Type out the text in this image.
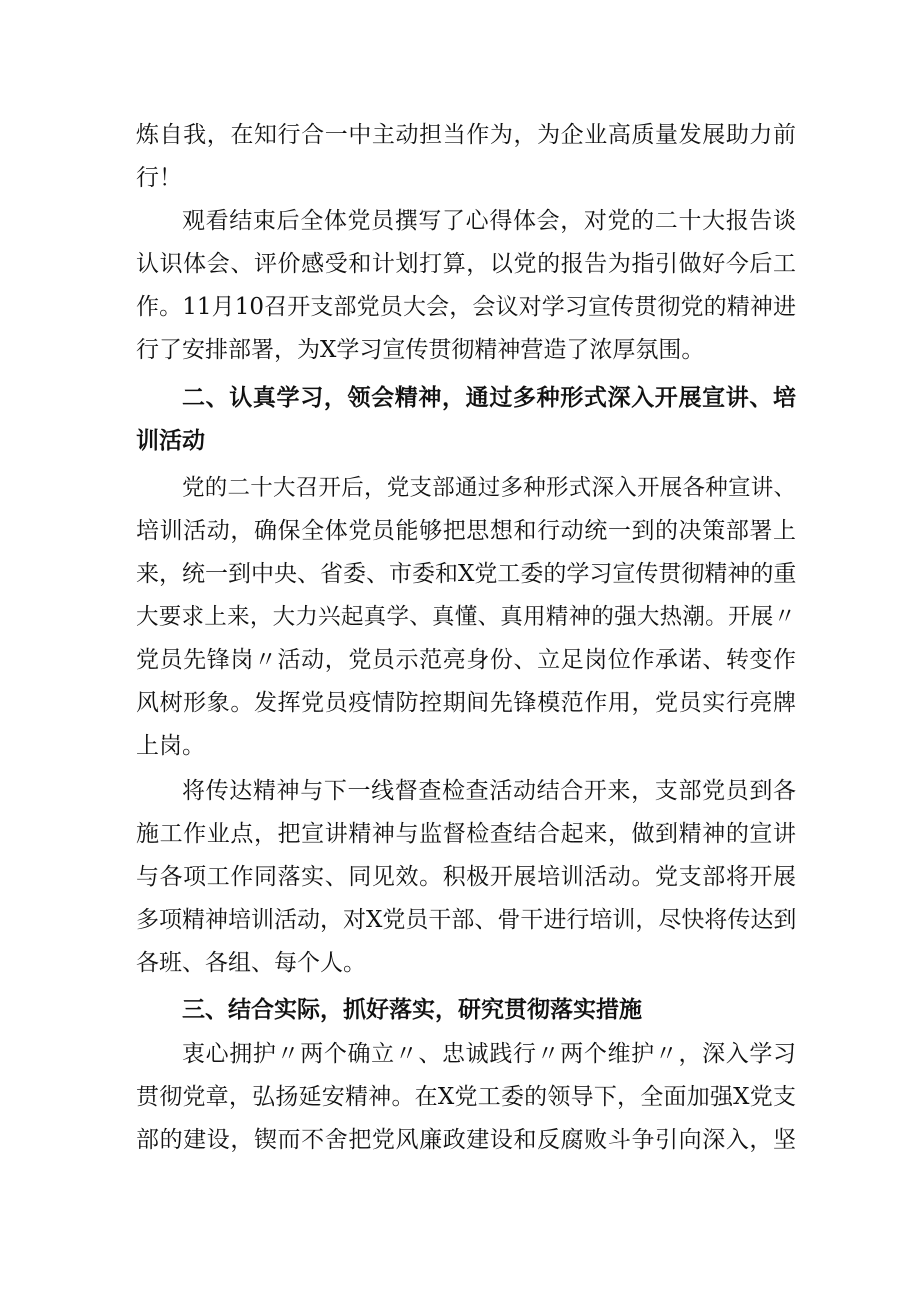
炼自我，在知行合一中主动担当作为，为企业高质量发展助力前
行！
观看结束后全体党员撰写了心得体会，对党的二十大报告谈
认识体会、评价感受和计划打算，以党的报告为指引做好今后工
作。11月10召开支部党员大会，会议对学习宣传贯彻党的精神进
行了安排部署，为X学习宣传贯彻精神营造了浓厚氛围。
二、认真学习，领会精神，通过多种形式深入开展宣讲、培
训活动
党的二十大召开后，党支部通过多种形式深入开展各种宣讲、
培训活动，确保全体党员能够把思想和行动统一到的决策部署上
来，统一到中央、省委、市委和X党工委的学习宣传贯彻精神的重
大要求上来，大力兴起真学、真懂、真用精神的强大热潮。开展〃
党员先锋岗〃活动，党员示范亮身份、立足岗位作承诺、转变作
风树形象。发挥党员疫情防控期间先锋模范作用，党员实行亮牌
上岗。
将传达精神与下一线督查检查活动结合开来，支部党员到各
施工作业点，把宣讲精神与监督检查结合起来，做到精神的宣讲
与各项工作同落实、同见效。积极开展培训活动。党支部将开展
多项精神培训活动，对X党员干部、骨干进行培训，尽快将传达到
各班、各组、每个人。
三、结合实际，抓好落实，研究贯彻落实措施
衷心拥护〃两个确立〃、忠诚践行〃两个维护〃，深入学习
贯彻党章，弘扬延安精神。在X党工委的领导下，全面加强X党支
部的建设，锲而不舍把党风廉政建设和反腐败斗争引向深入，坚
